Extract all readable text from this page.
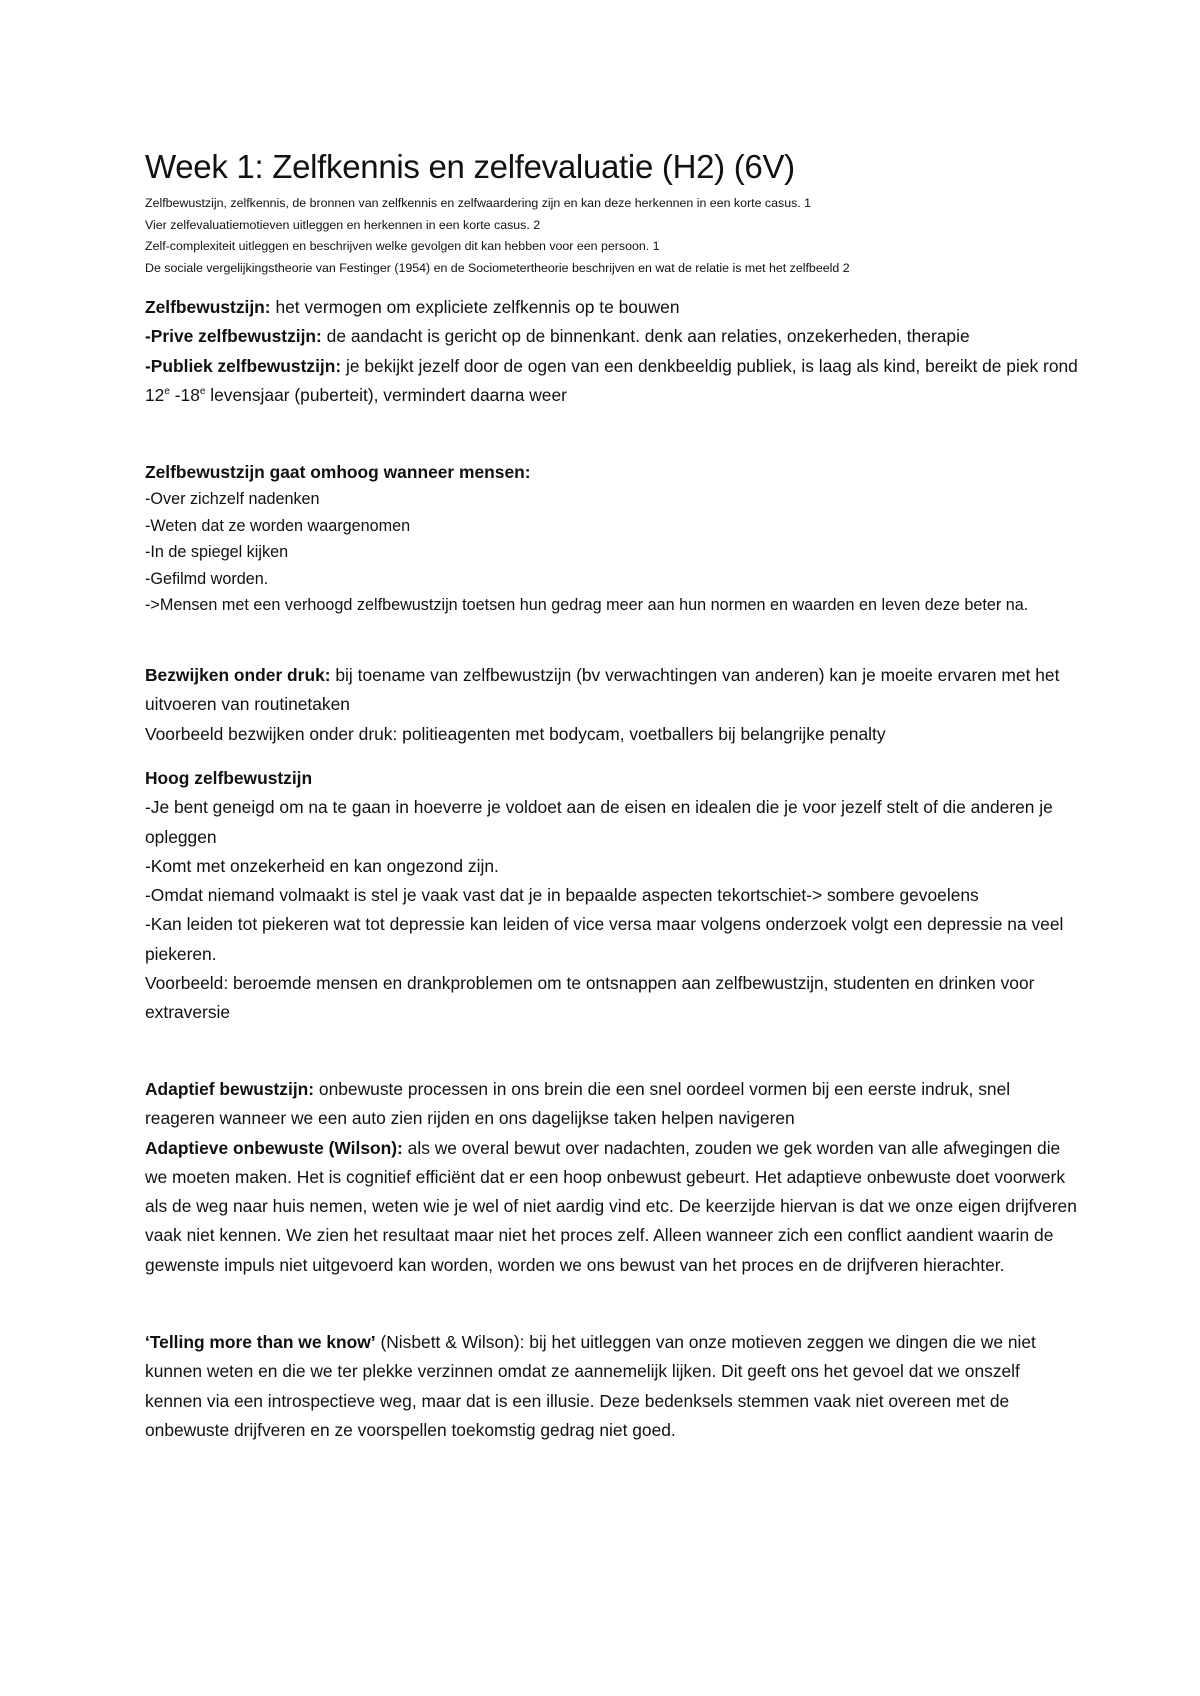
Week 1: Zelfkennis en zelfevaluatie (H2) (6V)
Zelfbewustzijn, zelfkennis, de bronnen van zelfkennis en zelfwaardering zijn en kan deze herkennen in een korte casus. 1
Vier zelfevaluatiemotieven uitleggen en herkennen in een korte casus. 2
Zelf-complexiteit uitleggen en beschrijven welke gevolgen dit kan hebben voor een persoon. 1
De sociale vergelijkingstheorie van Festinger (1954) en de Sociometertheorie beschrijven en wat de relatie is met het zelfbeeld 2

Zelfbewustzijn: het vermogen om expliciete zelfkennis op te bouwen

-Prive zelfbewustzijn: de aandacht is gericht op de binnenkant. denk aan relaties, onzekerheden, therapie

-Publiek zelfbewustzijn: je bekijkt jezelf door de ogen van een denkbeeldig publiek, is laag als kind, bereikt de piek rond 12e -18e levensjaar (puberteit), vermindert daarna weer

Zelfbewustzijn gaat omhoog wanneer mensen:

-Over zichzelf nadenken

-Weten dat ze worden waargenomen

-In de spiegel kijken

-Gefilmd worden.

->Mensen met een verhoogd zelfbewustzijn toetsen hun gedrag meer aan hun normen en waarden en leven deze beter na.

Bezwijken onder druk: bij toename van zelfbewustzijn (bv verwachtingen van anderen) kan je moeite ervaren met het uitvoeren van routinetaken

Voorbeeld bezwijken onder druk: politieagenten met bodycam, voetballers bij belangrijke penalty

Hoog zelfbewustzijn

-Je bent geneigd om na te gaan in hoeverre je voldoet aan de eisen en idealen die je voor jezelf stelt of die anderen je opleggen

-Komt met onzekerheid en kan ongezond zijn.

-Omdat niemand volmaakt is stel je vaak vast dat je in bepaalde aspecten tekortschiet-> sombere gevoelens

-Kan leiden tot piekeren wat tot depressie kan leiden of vice versa maar volgens onderzoek volgt een depressie na veel piekeren.

Voorbeeld: beroemde mensen en drankproblemen om te ontsnappen aan zelfbewustzijn, studenten en drinken voor extraversie

Adaptief bewustzijn: onbewuste processen in ons brein die een snel oordeel vormen bij een eerste indruk, snel reageren wanneer we een auto zien rijden en ons dagelijkse taken helpen navigeren

Adaptieve onbewuste (Wilson): als we overal bewut over nadachten, zouden we gek worden van alle afwegingen die we moeten maken. Het is cognitief efficiënt dat er een hoop onbewust gebeurt. Het adaptieve onbewuste doet voorwerk als de weg naar huis nemen, weten wie je wel of niet aardig vind etc. De keerzijde hiervan is dat we onze eigen drijfveren vaak niet kennen. We zien het resultaat maar niet het proces zelf. Alleen wanneer zich een conflict aandient waarin de gewenste impuls niet uitgevoerd kan worden, worden we ons bewust van het proces en de drijfveren hierachter.

‘Telling more than we know’ (Nisbett & Wilson): bij het uitleggen van onze motieven zeggen we dingen die we niet kunnen weten en die we ter plekke verzinnen omdat ze aannemelijk lijken. Dit geeft ons het gevoel dat we onszelf kennen via een introspectieve weg, maar dat is een illusie. Deze bedenksels stemmen vaak niet overeen met de onbewuste drijfveren en ze voorspellen toekomstig gedrag niet goed.
